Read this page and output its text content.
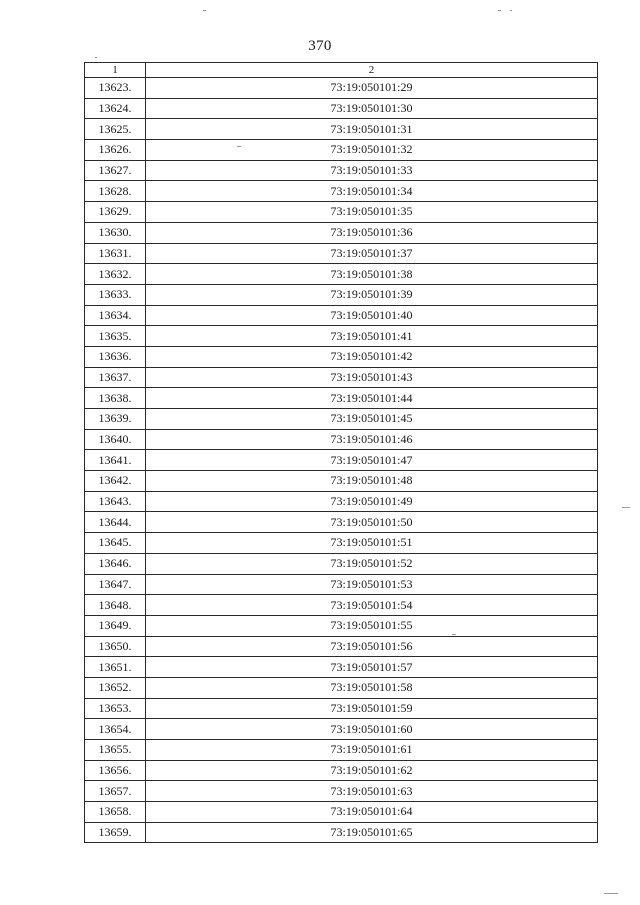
370
1	2
13623.	73:19:050101:29
13624.	73:19:050101:30
13625.	73:19:050101:31
13626.	73:19:050101:32
13627.	73:19:050101:33
13628.	73:19:050101:34
13629.	73:19:050101:35
13630.	73:19:050101:36
13631.	73:19:050101:37
13632.	73:19:050101:38
13633.	73:19:050101:39
13634.	73:19:050101:40
13635.	73:19:050101:41
13636.	73:19:050101:42
13637.	73:19:050101:43
13638.	73:19:050101:44
13639.	73:19:050101:45
13640.	73:19:050101:46
13641.	73:19:050101:47
13642.	73:19:050101:48
13643.	73:19:050101:49
13644.	73:19:050101:50
13645.	73:19:050101:51
13646.	73:19:050101:52
13647.	73:19:050101:53
13648.	73:19:050101:54
13649.	73:19:050101:55
13650.	73:19:050101:56
13651.	73:19:050101:57
13652.	73:19:050101:58
13653.	73:19:050101:59
13654.	73:19:050101:60
13655.	73:19:050101:61
13656.	73:19:050101:62
13657.	73:19:050101:63
13658.	73:19:050101:64
13659.	73:19:050101:65
